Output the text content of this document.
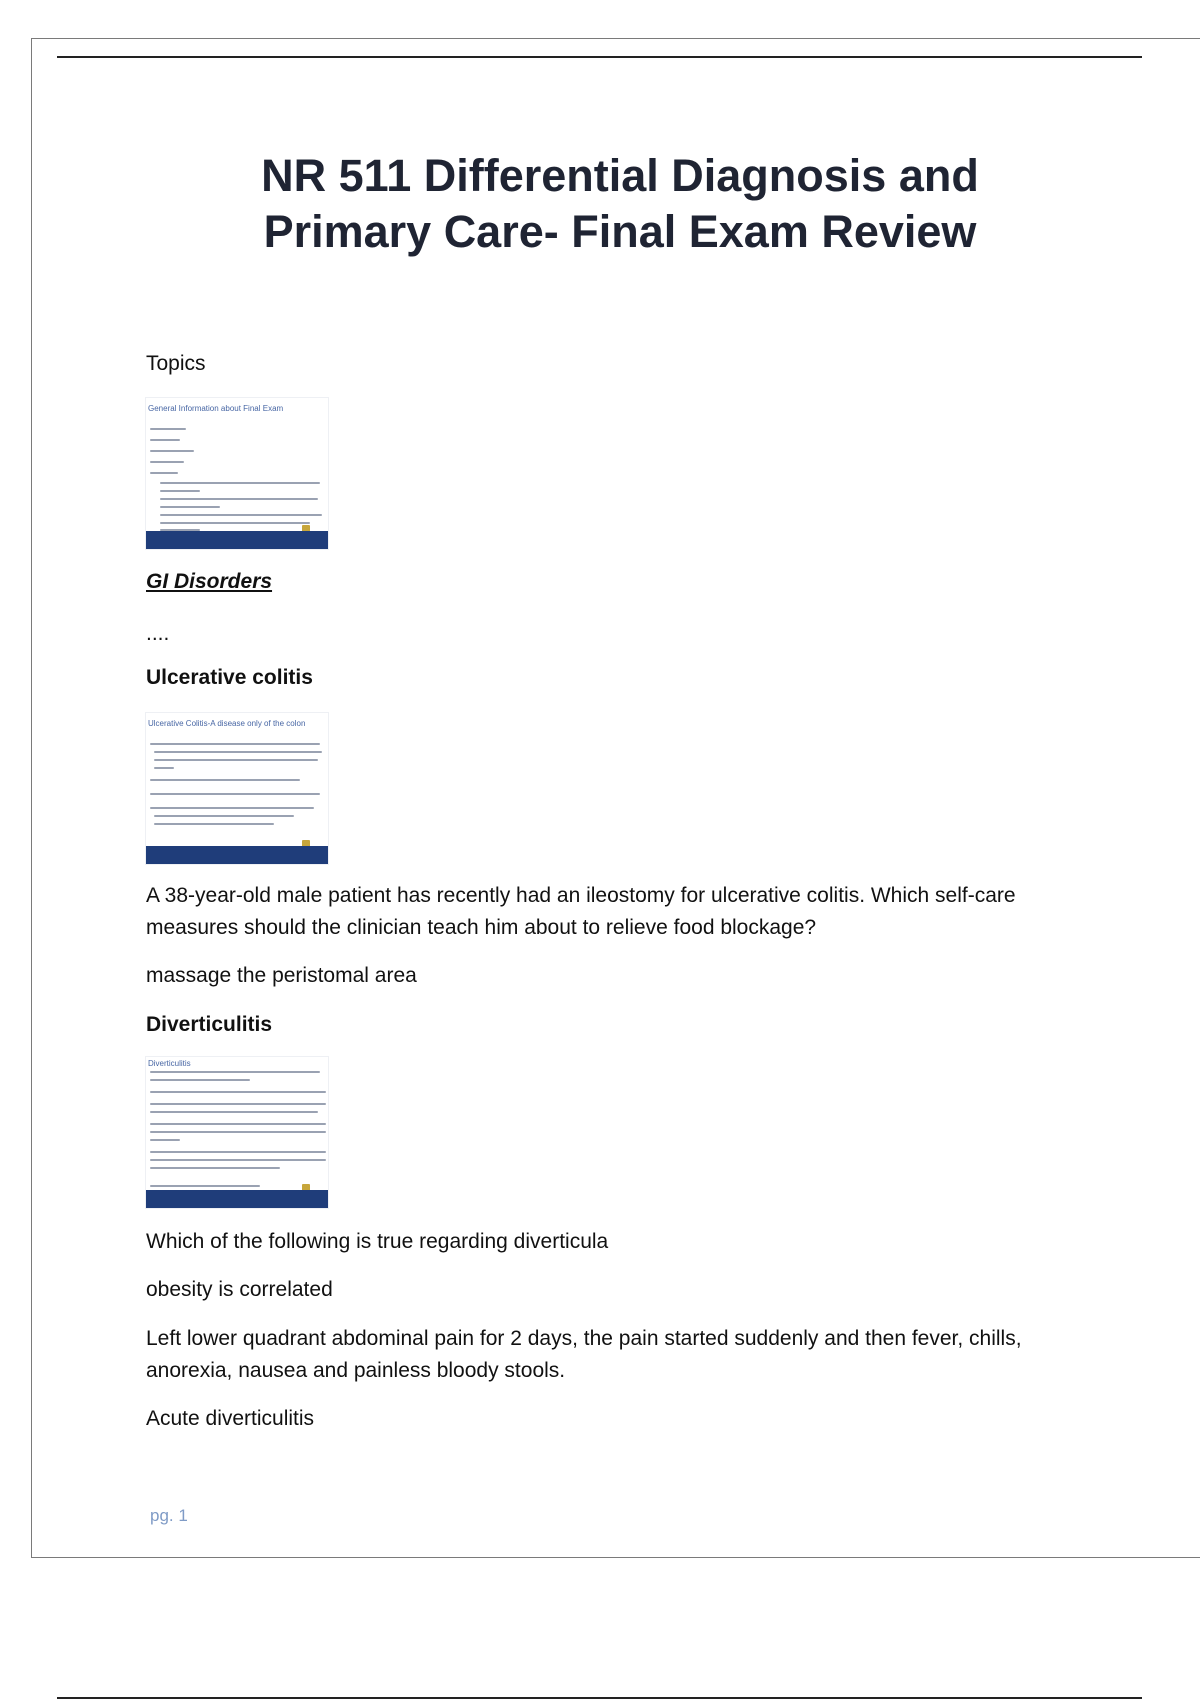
NR 511 Differential Diagnosis and
Primary Care- Final Exam Review

Topics

General Information about Final Exam

GI Disorders

....

Ulcerative colitis

Ulcerative Colitis-A disease only of the colon

A 38-year-old male patient has recently had an ileostomy for ulcerative colitis. Which self-care
measures should the clinician teach him about to relieve food blockage?

massage the peristomal area

Diverticulitis

Diverticulitis

Which of the following is true regarding diverticula

obesity is correlated

Left lower quadrant abdominal pain for 2 days, the pain started suddenly and then fever, chills,
anorexia, nausea and painless bloody stools.

Acute diverticulitis

pg. 1
